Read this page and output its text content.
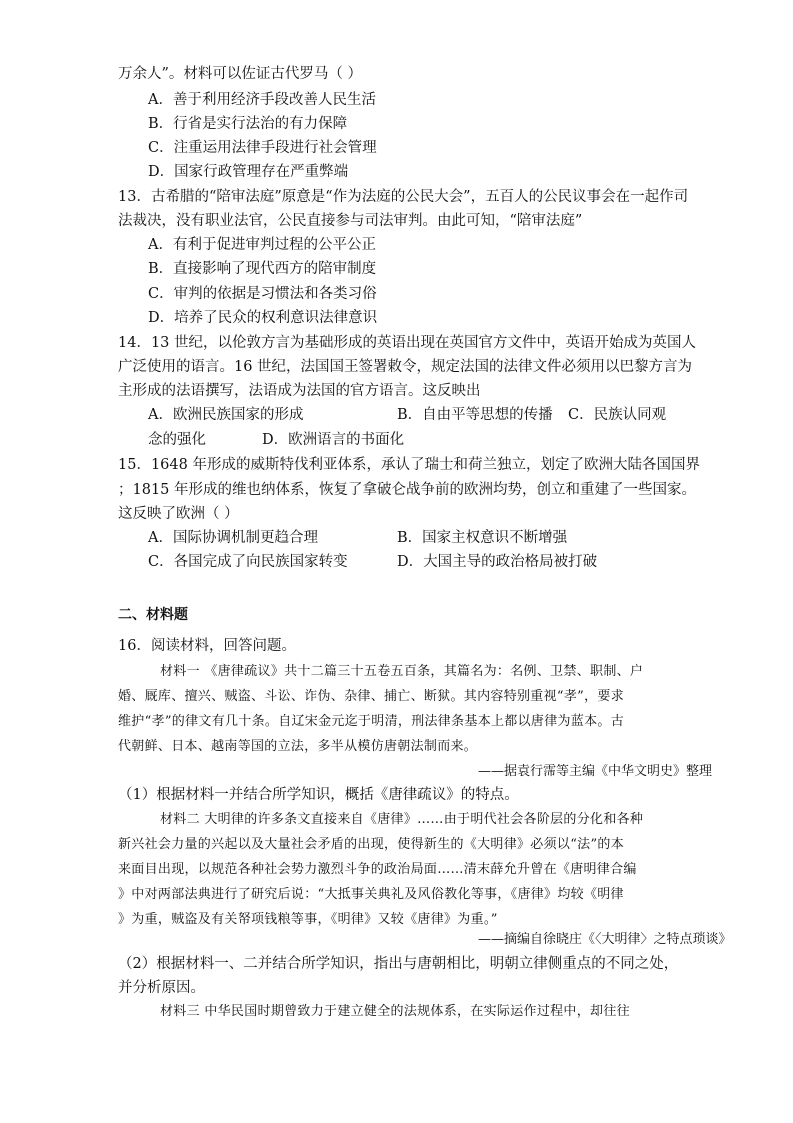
万余人”。材料可以佐证古代罗马（ ）
A．善于利用经济手段改善人民生活
B．行省是实行法治的有力保障
C．注重运用法律手段进行社会管理
D．国家行政管理存在严重弊端
13．古希腊的“陪审法庭”原意是“作为法庭的公民大会”，五百人的公民议事会在一起作司
法裁决，没有职业法官，公民直接参与司法审判。由此可知，“陪审法庭”
A．有利于促进审判过程的公平公正
B．直接影响了现代西方的陪审制度
C．审判的依据是习惯法和各类习俗
D．培养了民众的权利意识法律意识
14．13 世纪，以伦敦方言为基础形成的英语出现在英国官方文件中，英语开始成为英国人
广泛使用的语言。16 世纪，法国国王签署敕令，规定法国的法律文件必须用以巴黎方言为
主形成的法语撰写，法语成为法国的官方语言。这反映出
A．欧洲民族国家的形成	B．自由平等思想的传播 C．民族认同观
念的强化	D．欧洲语言的书面化
15．1648 年形成的威斯特伐利亚体系，承认了瑞士和荷兰独立，划定了欧洲大陆各国国界
；1815 年形成的维也纳体系，恢复了拿破仑战争前的欧洲均势，创立和重建了一些国家。
这反映了欧洲（ ）
A．国际协调机制更趋合理	B．国家主权意识不断增强
C．各国完成了向民族国家转变	D．大国主导的政治格局被打破
二、材料题
16．阅读材料，回答问题。
材料一 《唐律疏议》共十二篇三十五卷五百条，其篇名为：名例、卫禁、职制、户
婚、厩库、擅兴、贼盗、斗讼、诈伪、杂律、捕亡、断狱。其内容特别重视“孝”，要求
维护“孝”的律文有几十条。自辽宋金元迄于明清，刑法律条基本上都以唐律为蓝本。古
代朝鲜、日本、越南等国的立法，多半从模仿唐朝法制而来。
——据袁行霈等主编《中华文明史》整理
（1）根据材料一并结合所学知识，概括《唐律疏议》的特点。
材料二 大明律的许多条文直接来自《唐律》……由于明代社会各阶层的分化和各种
新兴社会力量的兴起以及大量社会矛盾的出现，使得新生的《大明律》必须以“法”的本
来面目出现，以规范各种社会势力激烈斗争的政治局面……清末薛允升曾在《唐明律合编
》中对两部法典进行了研究后说：“大抵事关典礼及风俗教化等事，《唐律》均较《明律
》为重，贼盗及有关帑项钱粮等事，《明律》又较《唐律》为重。”
——摘编自徐晓庄《〈大明律〉之特点琐谈》
（2）根据材料一、二并结合所学知识，指出与唐朝相比，明朝立律侧重点的不同之处，
并分析原因。
材料三 中华民国时期曾致力于建立健全的法规体系，在实际运作过程中，却往往
